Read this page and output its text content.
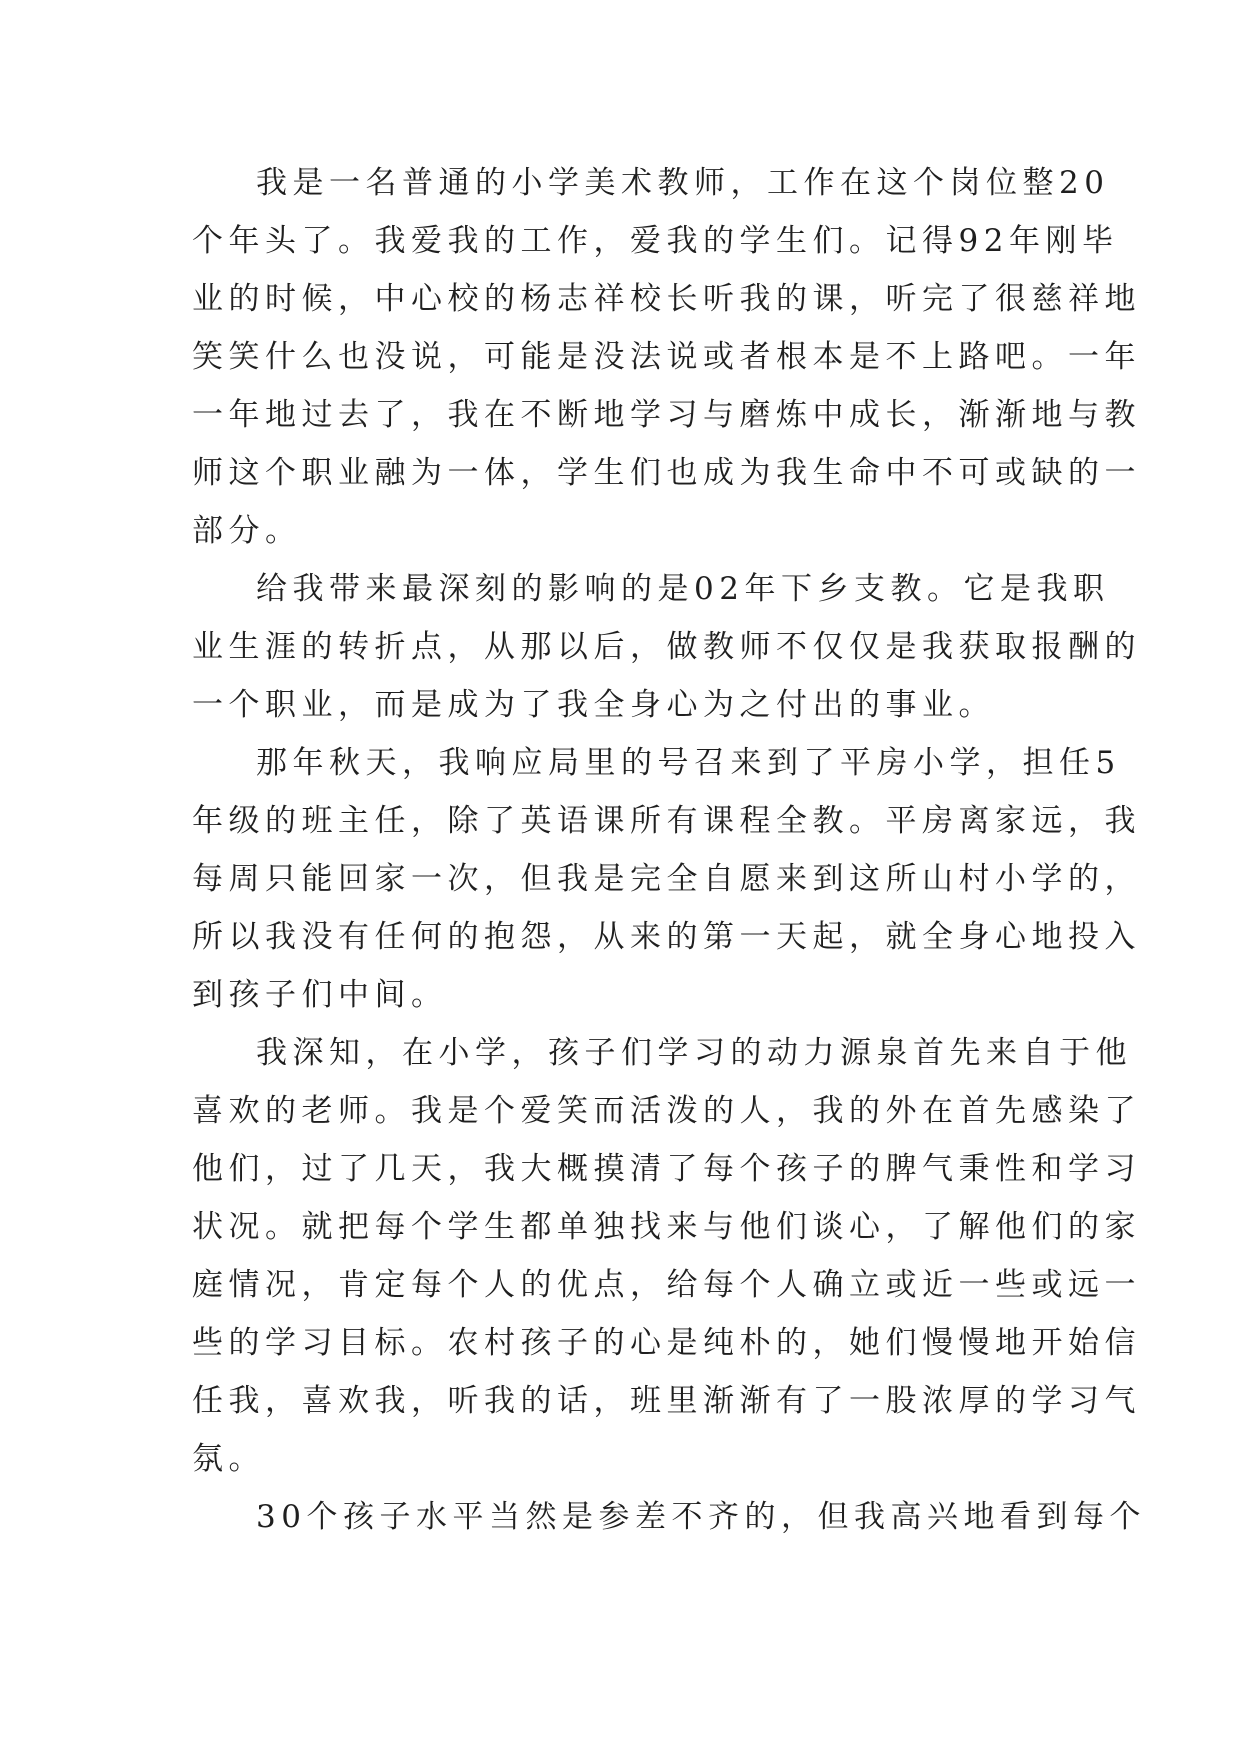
我是一名普通的小学美术教师，工作在这个岗位整20
个年头了。我爱我的工作，爱我的学生们。记得92年刚毕
业的时候，中心校的杨志祥校长听我的课，听完了很慈祥地
笑笑什么也没说，可能是没法说或者根本是不上路吧。一年
一年地过去了，我在不断地学习与磨炼中成长，渐渐地与教
师这个职业融为一体，学生们也成为我生命中不可或缺的一
部分。
给我带来最深刻的影响的是02年下乡支教。它是我职
业生涯的转折点，从那以后，做教师不仅仅是我获取报酬的
一个职业，而是成为了我全身心为之付出的事业。
那年秋天，我响应局里的号召来到了平房小学，担任5
年级的班主任，除了英语课所有课程全教。平房离家远，我
每周只能回家一次，但我是完全自愿来到这所山村小学的，
所以我没有任何的抱怨，从来的第一天起，就全身心地投入
到孩子们中间。
我深知，在小学，孩子们学习的动力源泉首先来自于他
喜欢的老师。我是个爱笑而活泼的人，我的外在首先感染了
他们，过了几天，我大概摸清了每个孩子的脾气秉性和学习
状况。就把每个学生都单独找来与他们谈心，了解他们的家
庭情况，肯定每个人的优点，给每个人确立或近一些或远一
些的学习目标。农村孩子的心是纯朴的，她们慢慢地开始信
任我，喜欢我，听我的话，班里渐渐有了一股浓厚的学习气
氛。
30个孩子水平当然是参差不齐的，但我高兴地看到每个
